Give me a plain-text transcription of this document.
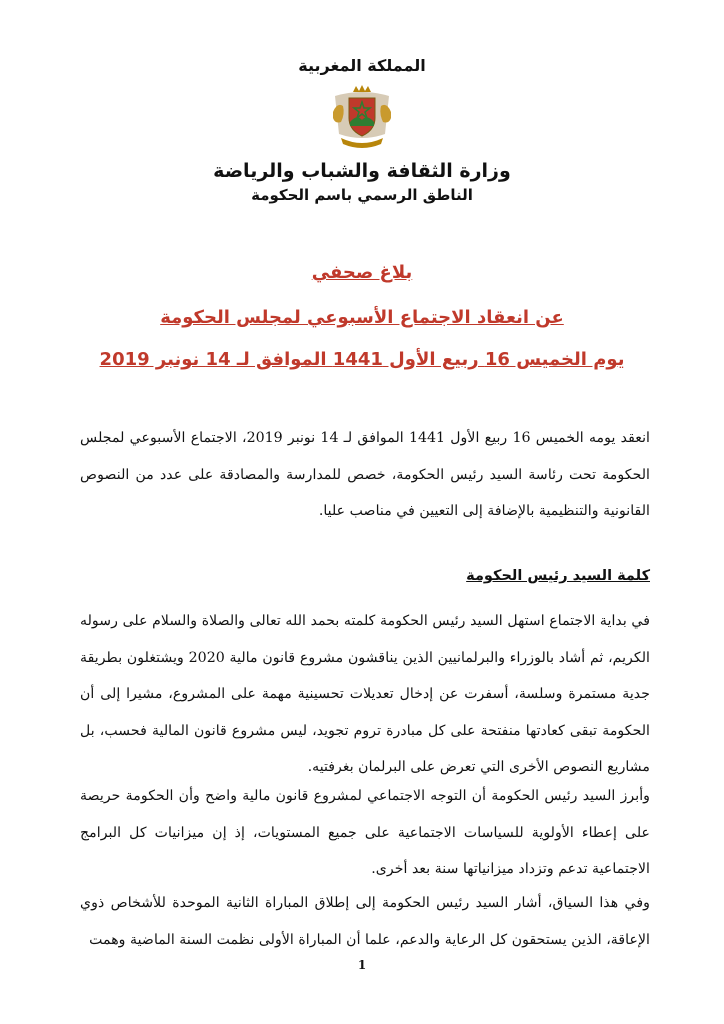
المملكة المغربية
وزارة الثقافة والشباب والرياضة
الناطق الرسمي باسم الحكومة
بلاغ صحفي
عن انعقاد الاجتماع الأسبوعي لمجلس الحكومة
يوم الخميس 16 ربيع الأول 1441 الموافق لـ 14 نونبر 2019
انعقد يومه الخميس 16 ربيع الأول 1441 الموافق لـ 14 نونبر 2019، الاجتماع الأسبوعي لمجلس الحكومة تحت رئاسة السيد رئيس الحكومة، خصص للمدارسة والمصادقة على عدد من النصوص القانونية والتنظيمية بالإضافة إلى التعيين في مناصب عليا.
كلمة السيد رئيس الحكومة
في بداية الاجتماع استهل السيد رئيس الحكومة كلمته بحمد الله تعالى والصلاة والسلام على رسوله الكريم، ثم أشاد بالوزراء والبرلمانيين الذين يناقشون مشروع قانون مالية 2020 ويشتغلون بطريقة جدية مستمرة وسلسة، أسفرت عن إدخال تعديلات تحسينية مهمة على المشروع، مشيرا إلى أن الحكومة تبقى كعادتها منفتحة على كل مبادرة تروم تجويد، ليس مشروع قانون المالية فحسب، بل مشاريع النصوص الأخرى التي تعرض على البرلمان بغرفتيه.
وأبرز السيد رئيس الحكومة أن التوجه الاجتماعي لمشروع قانون مالية واضح وأن الحكومة حريصة على إعطاء الأولوية للسياسات الاجتماعية على جميع المستويات، إذ إن ميزانيات كل البرامج الاجتماعية تدعم وتزداد ميزانياتها سنة بعد أخرى.
وفي هذا السياق، أشار السيد رئيس الحكومة إلى إطلاق المباراة الثانية الموحدة للأشخاص ذوي الإعاقة، الذين يستحقون كل الرعاية والدعم، علما أن المباراة الأولى نظمت السنة الماضية وهمت
1
